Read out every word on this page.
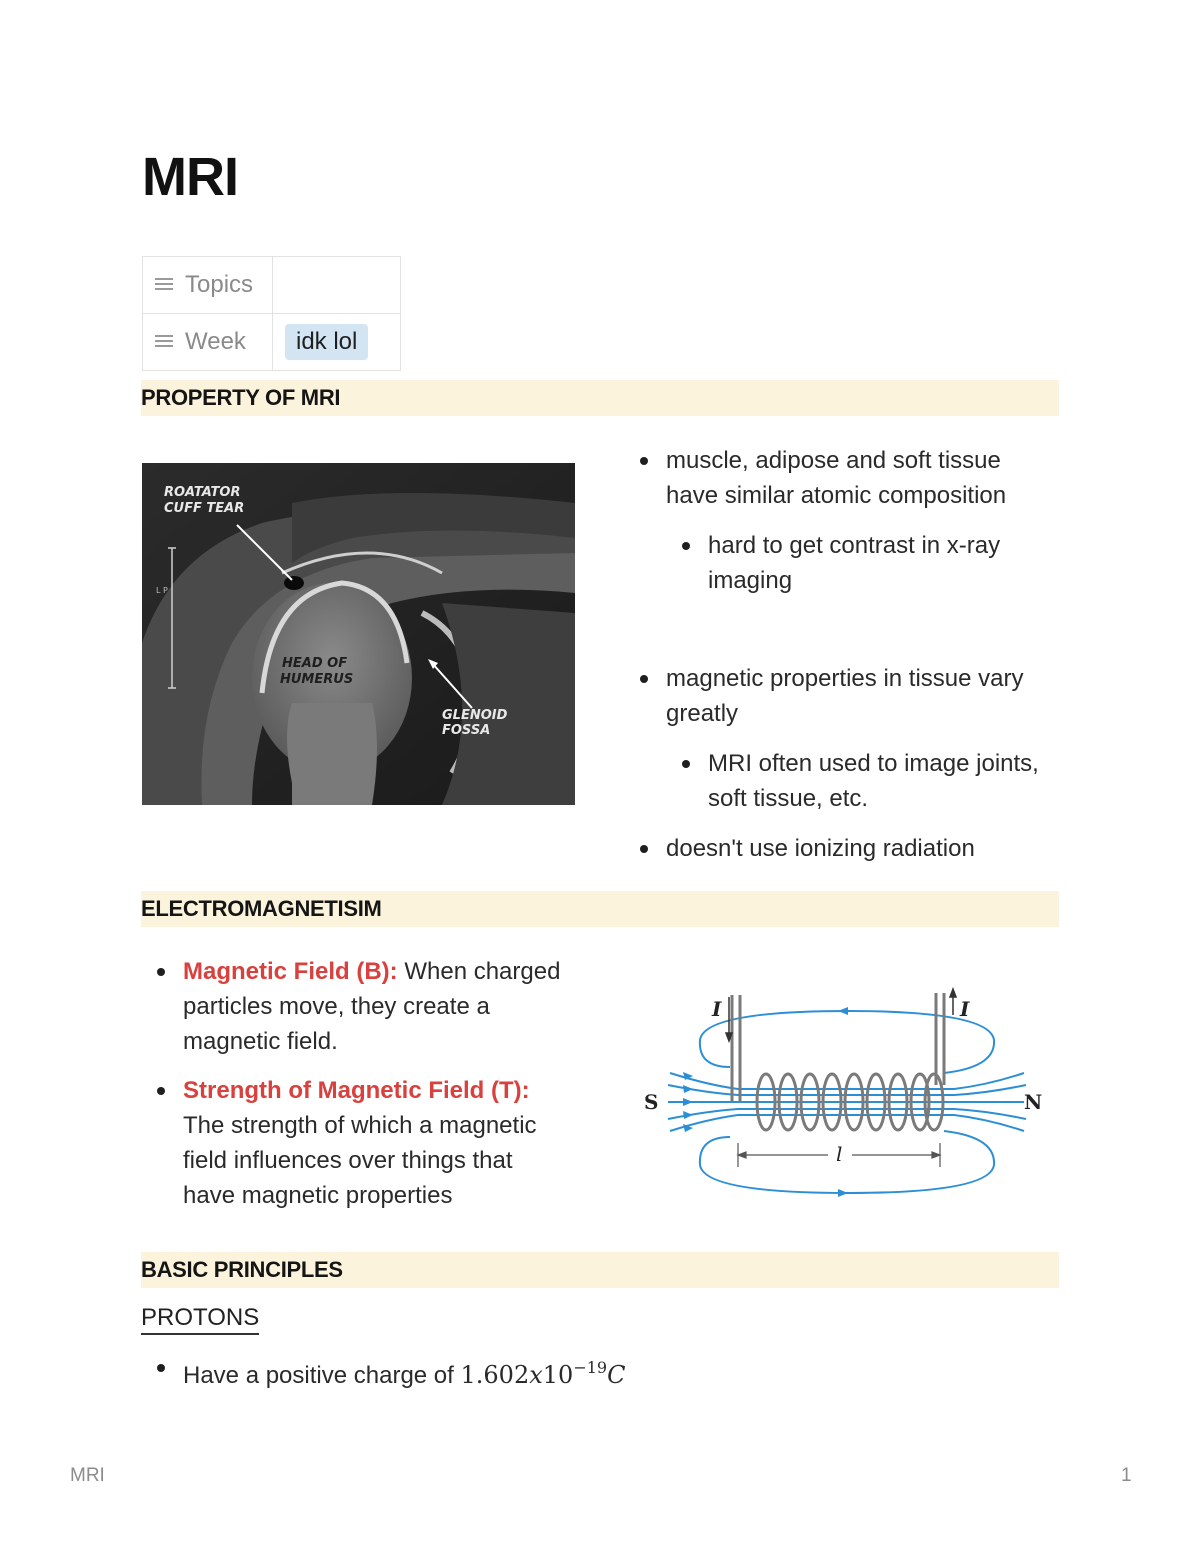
MRI
Topics	

Week	idk lol
PROPERTY OF MRI
ROATATOR
CUFF TEAR
HEAD OF
HUMERUS
GLENOID
FOSSA
L P
muscle, adipose and soft tissue
have similar atomic composition
hard to get contrast in x-ray
imaging
magnetic properties in tissue vary
greatly
MRI often used to image joints,
soft tissue, etc.
doesn't use ionizing radiation
ELECTROMAGNETISIM
Magnetic Field (B): When charged
particles move, they create a
magnetic field.
Strength of Magnetic Field (T):
The strength of which a magnetic
field influences over things that
have magnetic properties
I	I
S	N
l
BASIC PRINCIPLES
PROTONS
Have a positive charge of $1.602x10^{-19}C$
MRI	1
